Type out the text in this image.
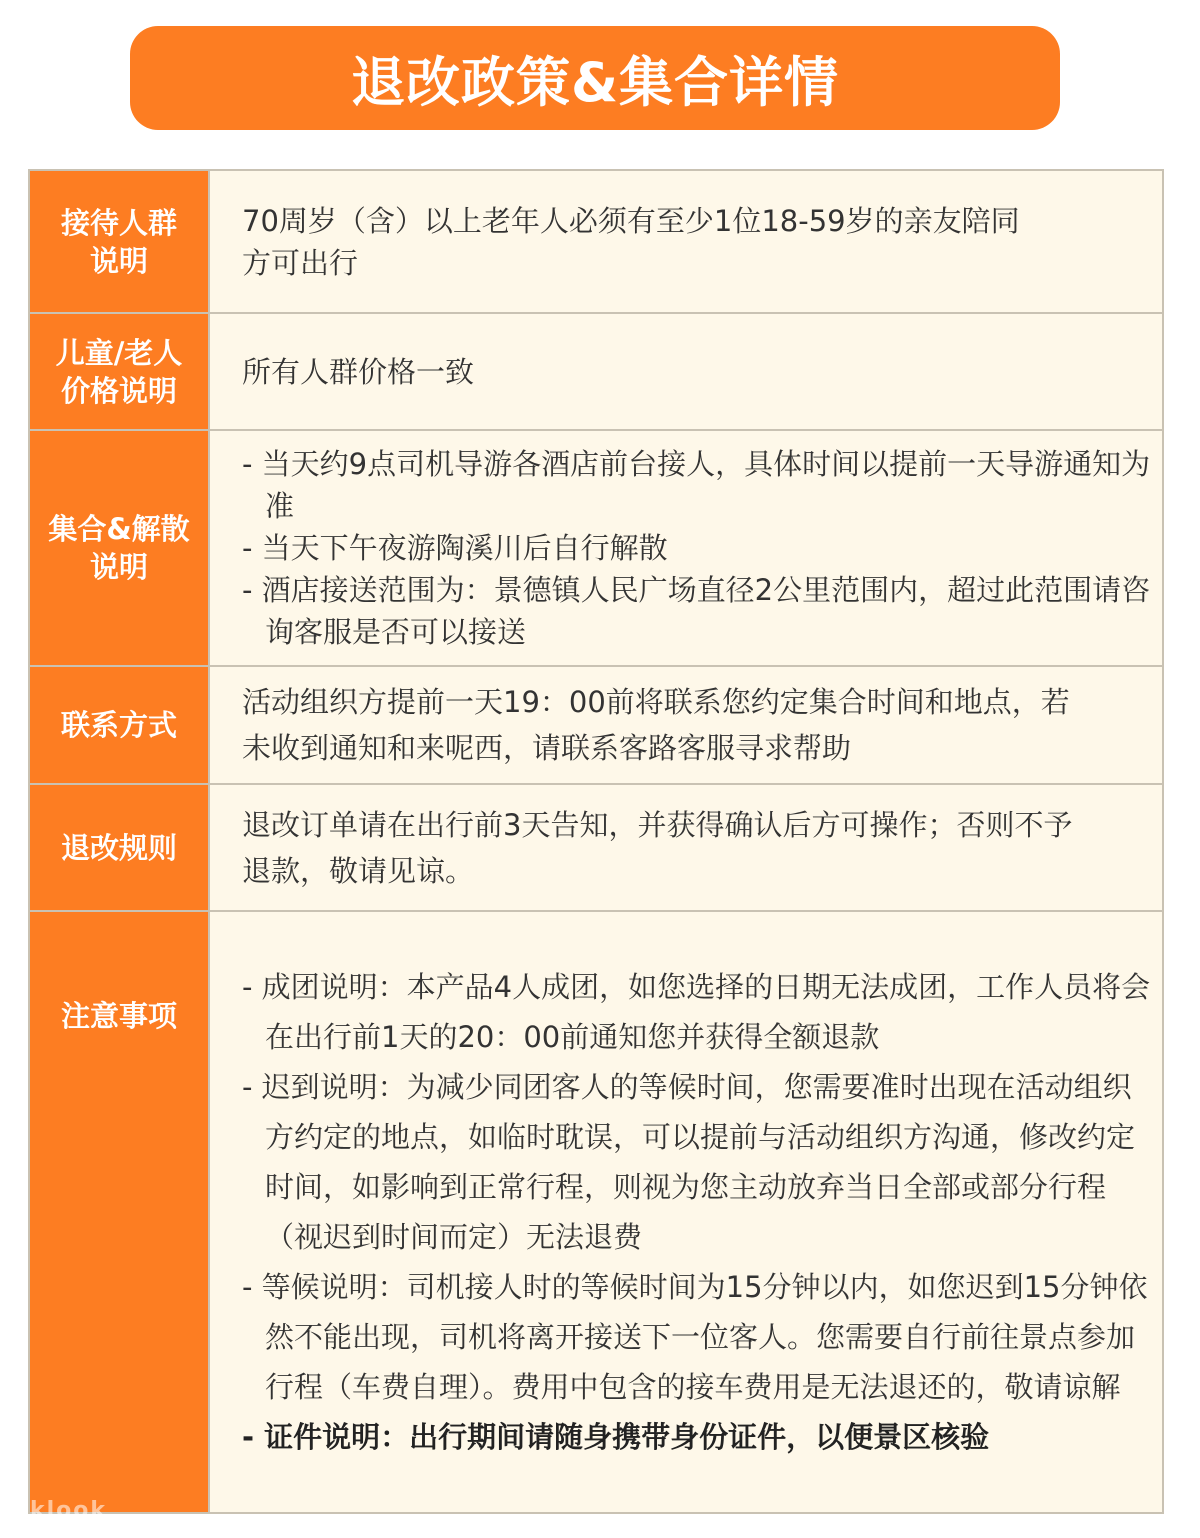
退改政策&集合详情
接待人群
说明	70周岁（含）以上老年人必须有至少1位18-59岁的亲友陪同
方可出行

儿童/老人
价格说明	所有人群价格一致

集合&解散
说明	- 当天约9点司机导游各酒店前台接人，具体时间以提前一天导游通知为准
- 当天下午夜游陶溪川后自行解散
- 酒店接送范围为：景德镇人民广场直径2公里范围内，超过此范围请咨询客服是否可以接送

联系方式	活动组织方提前一天19：00前将联系您约定集合时间和地点，若
未收到通知和来呢西，请联系客路客服寻求帮助

退改规则	退改订单请在出行前3天告知，并获得确认后方可操作；否则不予
退款，敬请见谅。

注意事项	- 成团说明：本产品4人成团，如您选择的日期无法成团，工作人员将会在出行前1天的20：00前通知您并获得全额退款
- 迟到说明：为减少同团客人的等候时间，您需要准时出现在活动组织方约定的地点，如临时耽误，可以提前与活动组织方沟通，修改约定时间，如影响到正常行程，则视为您主动放弃当日全部或部分行程（视迟到时间而定）无法退费
- 等候说明：司机接人时的等候时间为15分钟以内，如您迟到15分钟依然不能出现，司机将离开接送下一位客人。您需要自行前往景点参加行程（车费自理）。费用中包含的接车费用是无法退还的，敬请谅解
- 证件说明：出行期间请随身携带身份证件，以便景区核验
klook
